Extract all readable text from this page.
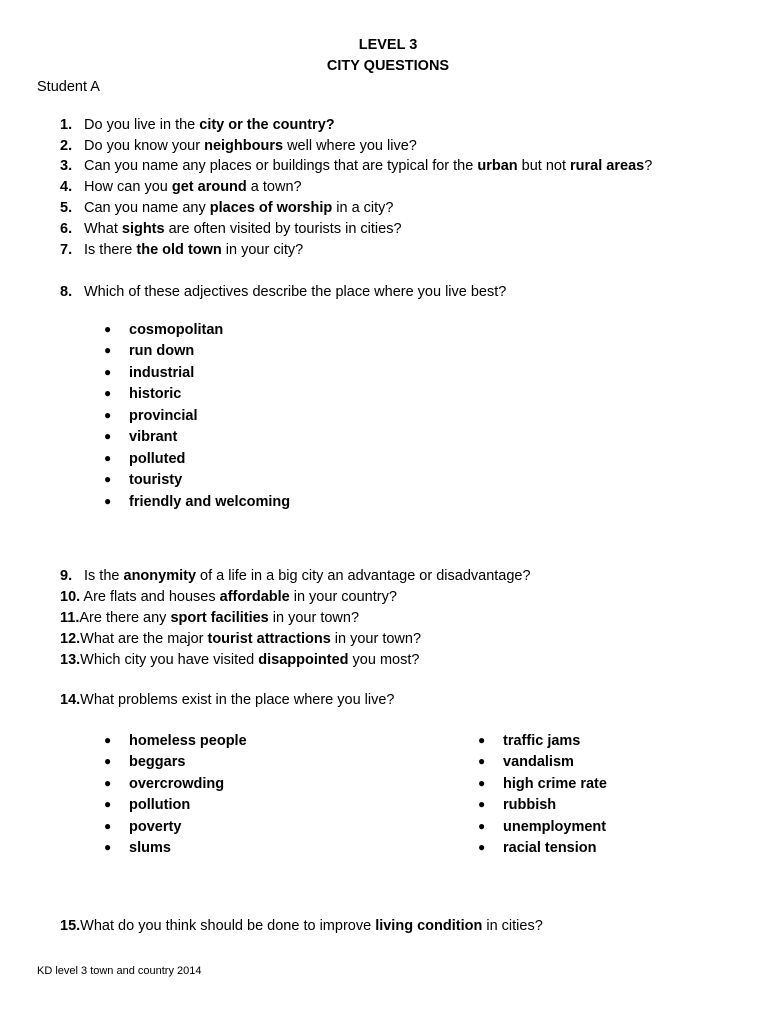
LEVEL 3
CITY QUESTIONS
Student A
1. Do you live in the city or the country?
2. Do you know your neighbours well where you live?
3. Can you name any places or buildings that are typical for the urban but not rural areas?
4. How can you get around a town?
5. Can you name any places of worship in a city?
6. What sights are often visited by tourists in cities?
7. Is there the old town in your city?
8. Which of these adjectives describe the place where you live best?
● cosmopolitan
● run down
● industrial
● historic
● provincial
● vibrant
● polluted
● touristy
● friendly and welcoming
9. Is the anonymity of a life in a big city an advantage or disadvantage?
10. Are flats and houses affordable in your country?
11.Are there any sport facilities in your town?
12.What are the major tourist attractions in your town?
13.Which city you have visited disappointed you most?
14.What problems exist in the place where you live?
● homeless people
● beggars
● overcrowding
● pollution
● poverty
● slums
● traffic jams
● vandalism
● high crime rate
● rubbish
● unemployment
● racial tension
15.What do you think should be done to improve living condition in cities?
KD level 3 town and country 2014
